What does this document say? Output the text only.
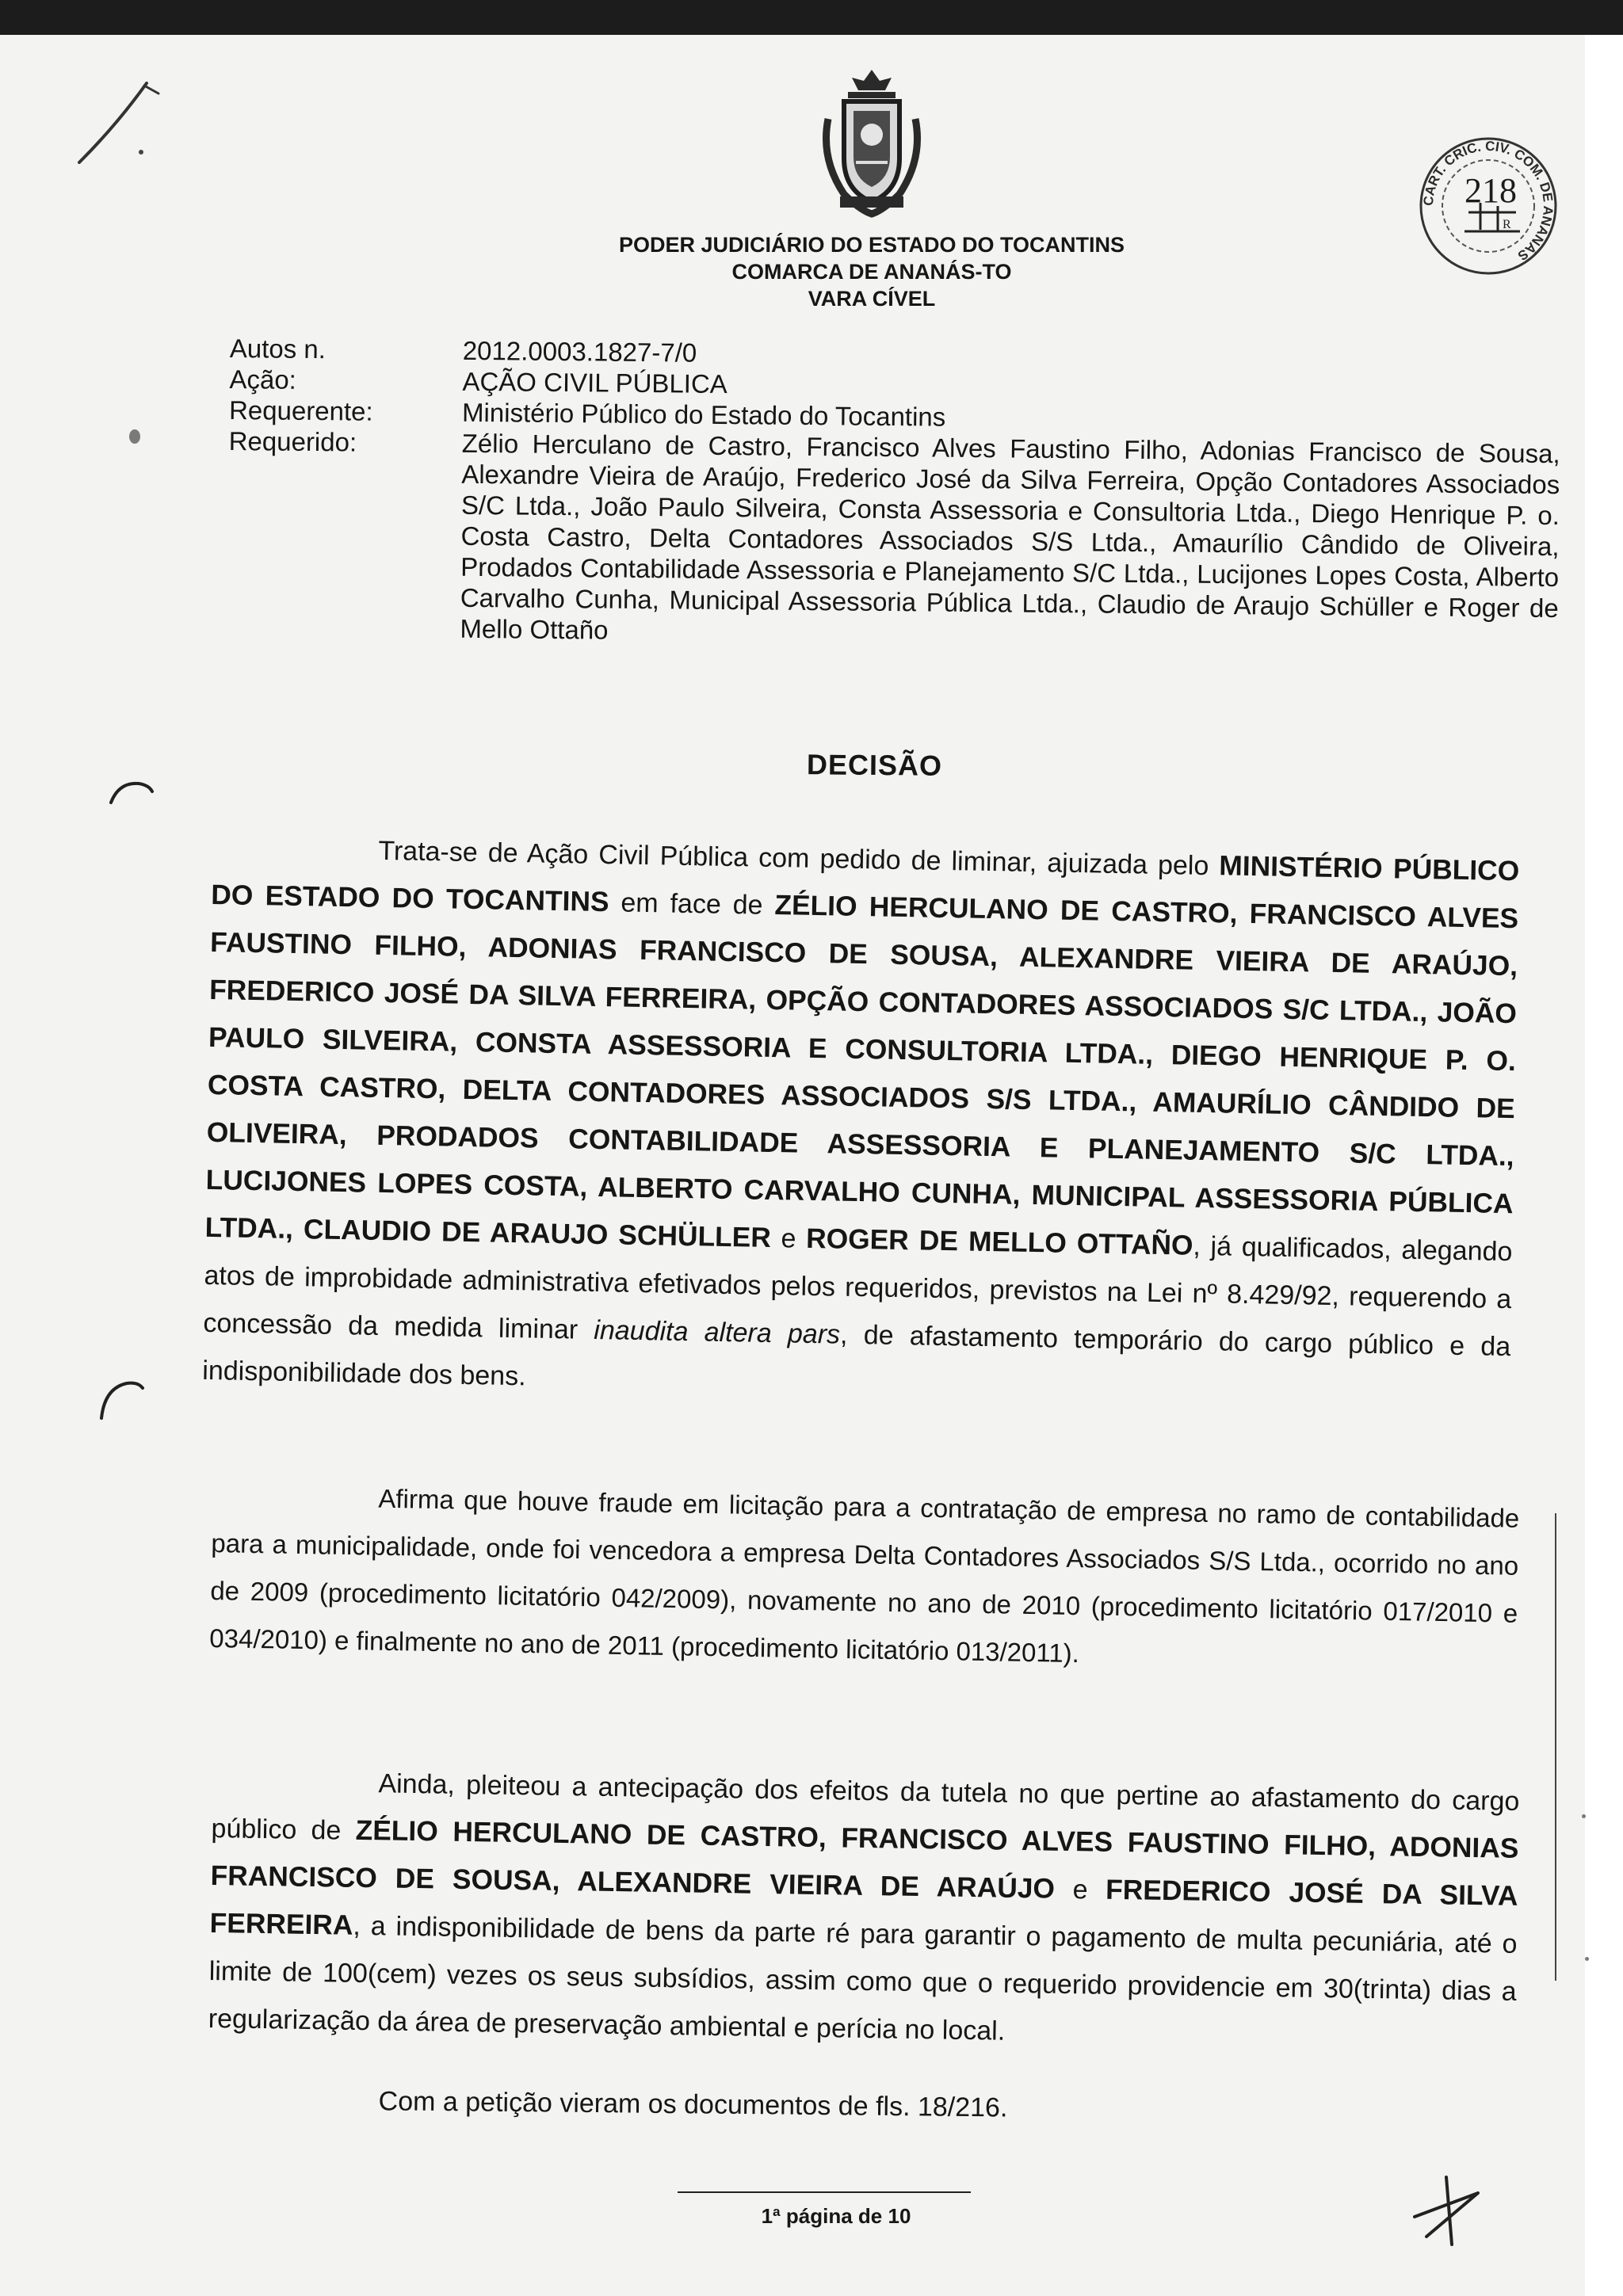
PODER JUDICIÁRIO DO ESTADO DO TOCANTINS
COMARCA DE ANANÁS-TO
VARA CÍVEL
CART. CRIC. CIV. COM. DE ANANÁS
218
R
Autos n.	2012.0003.1827-7/0
Ação:	AÇÃO CIVIL PÚBLICA
Requerente:	Ministério Público do Estado do Tocantins
Requerido:	Zélio Herculano de Castro, Francisco Alves Faustino Filho, Adonias Francisco de Sousa, Alexandre Vieira de Araújo, Frederico José da Silva Ferreira, Opção Contadores Associados S/C Ltda., João Paulo Silveira, Consta Assessoria e Consultoria Ltda., Diego Henrique P. o. Costa Castro, Delta Contadores Associados S/S Ltda., Amaurílio Cândido de Oliveira, Prodados Contabilidade Assessoria e Planejamento S/C Ltda., Lucijones Lopes Costa, Alberto Carvalho Cunha, Municipal Assessoria Pública Ltda., Claudio de Araujo Schüller e Roger de Mello Ottaño
DECISÃO

Trata-se de Ação Civil Pública com pedido de liminar, ajuizada pelo MINISTÉRIO PÚBLICO DO ESTADO DO TOCANTINS em face de ZÉLIO HERCULANO DE CASTRO, FRANCISCO ALVES FAUSTINO FILHO, ADONIAS FRANCISCO DE SOUSA, ALEXANDRE VIEIRA DE ARAÚJO, FREDERICO JOSÉ DA SILVA FERREIRA, OPÇÃO CONTADORES ASSOCIADOS S/C LTDA., JOÃO PAULO SILVEIRA, CONSTA ASSESSORIA E CONSULTORIA LTDA., DIEGO HENRIQUE P. O. COSTA CASTRO, DELTA CONTADORES ASSOCIADOS S/S LTDA., AMAURÍLIO CÂNDIDO DE OLIVEIRA, PRODADOS CONTABILIDADE ASSESSORIA E PLANEJAMENTO S/C LTDA., LUCIJONES LOPES COSTA, ALBERTO CARVALHO CUNHA, MUNICIPAL ASSESSORIA PÚBLICA LTDA., CLAUDIO DE ARAUJO SCHÜLLER e ROGER DE MELLO OTTAÑO, já qualificados, alegando atos de improbidade administrativa efetivados pelos requeridos, previstos na Lei nº 8.429/92, requerendo a concessão da medida liminar inaudita altera pars, de afastamento temporário do cargo público e da indisponibilidade dos bens.

Afirma que houve fraude em licitação para a contratação de empresa no ramo de contabilidade para a municipalidade, onde foi vencedora a empresa Delta Contadores Associados S/S Ltda., ocorrido no ano de 2009 (procedimento licitatório 042/2009), novamente no ano de 2010 (procedimento licitatório 017/2010 e 034/2010) e finalmente no ano de 2011 (procedimento licitatório 013/2011).

Ainda, pleiteou a antecipação dos efeitos da tutela no que pertine ao afastamento do cargo público de ZÉLIO HERCULANO DE CASTRO, FRANCISCO ALVES FAUSTINO FILHO, ADONIAS FRANCISCO DE SOUSA, ALEXANDRE VIEIRA DE ARAÚJO e FREDERICO JOSÉ DA SILVA FERREIRA, a indisponibilidade de bens da parte ré para garantir o pagamento de multa pecuniária, até o limite de 100(cem) vezes os seus subsídios, assim como que o requerido providencie em 30(trinta) dias a regularização da área de preservação ambiental e perícia no local.

Com a petição vieram os documentos de fls. 18/216.

1ª página de 10
